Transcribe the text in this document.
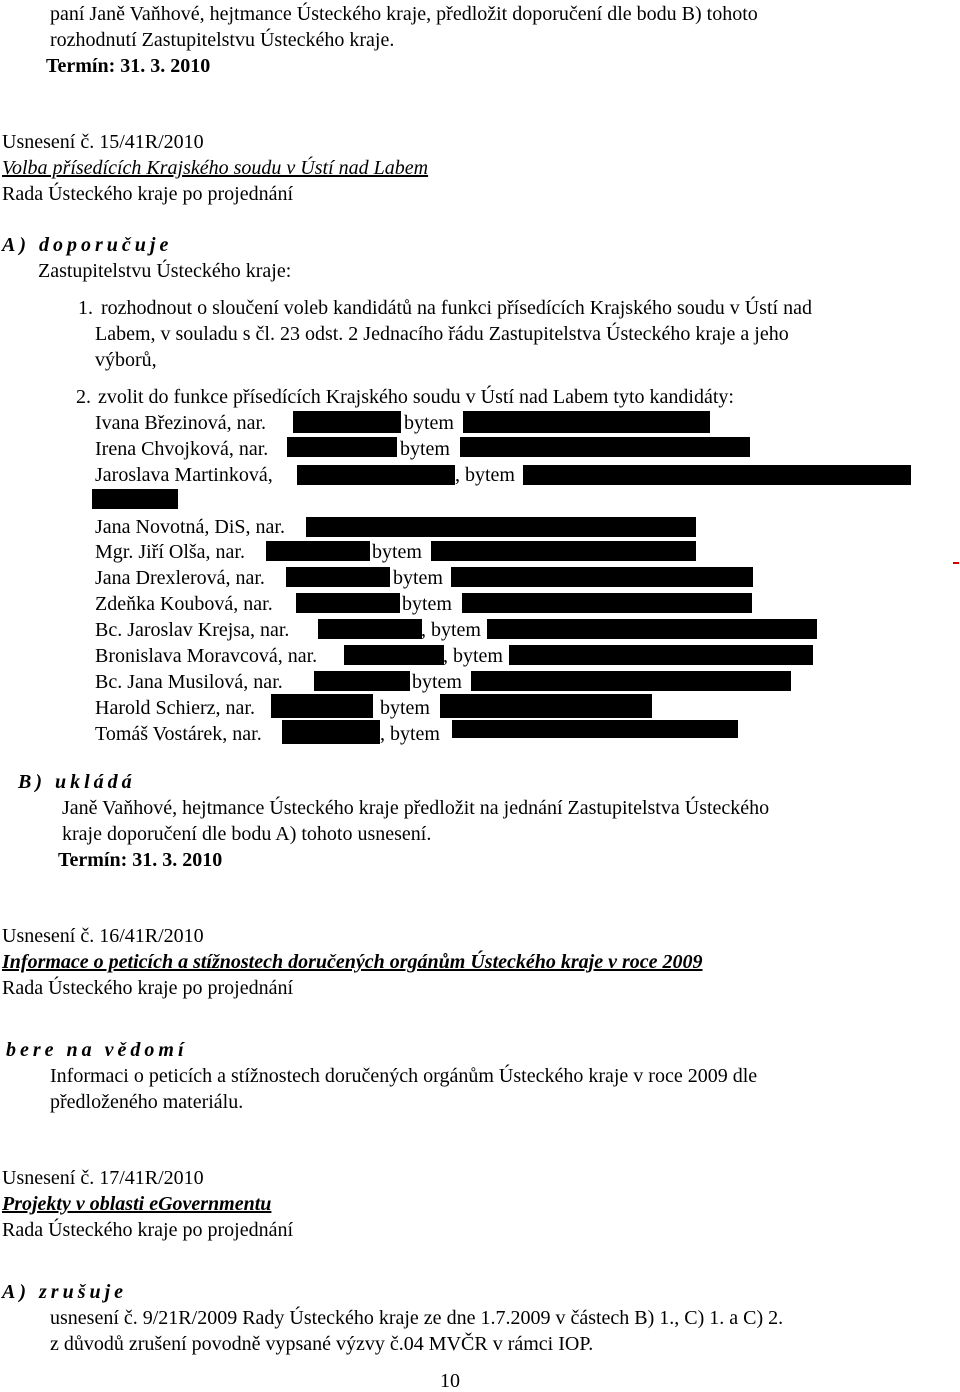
paní Janě Vaňhové, hejtmance Ústeckého kraje, předložit doporučení dle bodu B) tohoto
rozhodnutí Zastupitelstvu Ústeckého kraje.
Termín: 31. 3. 2010
Usnesení č. 15/41R/2010
Volba přísedících Krajského soudu v Ústí nad Labem
Rada Ústeckého kraje po projednání
A) doporučuje
Zastupitelstvu Ústeckého kraje:
1. rozhodnout o sloučení voleb kandidátů na funkci přísedících Krajského soudu v Ústí nad
Labem, v souladu s čl. 23 odst. 2 Jednacího řádu Zastupitelstva Ústeckého kraje a jeho
výborů,
2. zvolit do funkce přísedících Krajského soudu v Ústí nad Labem tyto kandidáty:
Ivana Březinová, nar.	bytem
Irena Chvojková, nar.	bytem
Jaroslava Martinková,	, bytem
Jana Novotná, DiS, nar.
Mgr. Jiří Olša, nar.	bytem
Jana Drexlerová, nar.	bytem
Zdeňka Koubová, nar.	bytem
Bc. Jaroslav Krejsa, nar.	, bytem
Bronislava Moravcová, nar.	, bytem
Bc. Jana Musilová, nar.	bytem
Harold Schierz, nar.	bytem
Tomáš Vostárek, nar.	, bytem
B) ukládá
Janě Vaňhové, hejtmance Ústeckého kraje předložit na jednání Zastupitelstva Ústeckého
kraje doporučení dle bodu A) tohoto usnesení.
Termín: 31. 3. 2010
Usnesení č. 16/41R/2010
Informace o peticích a stížnostech doručených orgánům Ústeckého kraje v roce 2009
Rada Ústeckého kraje po projednání
bere na vědomí
Informaci o peticích a stížnostech doručených orgánům Ústeckého kraje v roce 2009 dle
předloženého materiálu.
Usnesení č. 17/41R/2010
Projekty v oblasti eGovernmentu
Rada Ústeckého kraje po projednání
A) zrušuje
usnesení č. 9/21R/2009 Rady Ústeckého kraje ze dne 1.7.2009 v částech B) 1., C) 1. a C) 2.
z důvodů zrušení povodně vypsané výzvy č.04 MVČR v rámci IOP.
10
